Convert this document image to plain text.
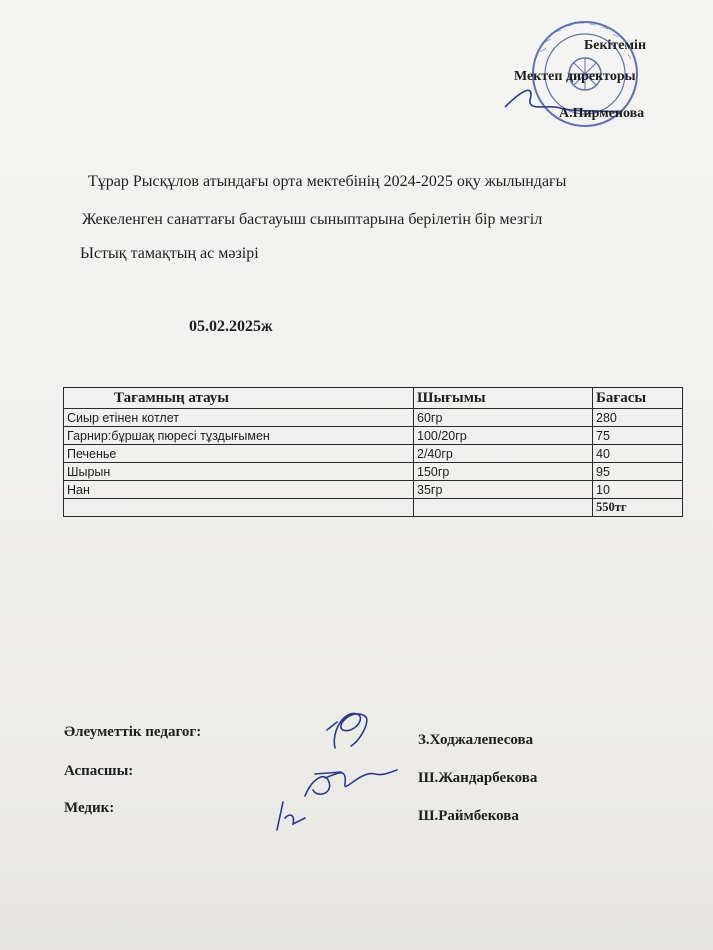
Бекітемін
Мектеп директоры
А.Пирменова
Тұрар Рысқұлов атындағы орта мектебінің 2024-2025 оқу жылындағы
Жекеленген санаттағы бастауыш сыныптарына берілетін бір мезгіл
Ыстық тамақтың ас мәзірі
05.02.2025ж
Тағамның атауы	Шығымы	Бағасы
Сиыр етінен котлет	60гр	280
Гарнир:бұршақ пюресі тұздығымен	100/20гр	75
Печенье	2/40гр	40
Шырын	150гр	95
Нан	35гр	10
		550тг
Әлеуметтік педагог:	З.Ходжалепесова
Аспасшы:	Ш.Жандарбекова
Медик:	Ш.Раймбекова
